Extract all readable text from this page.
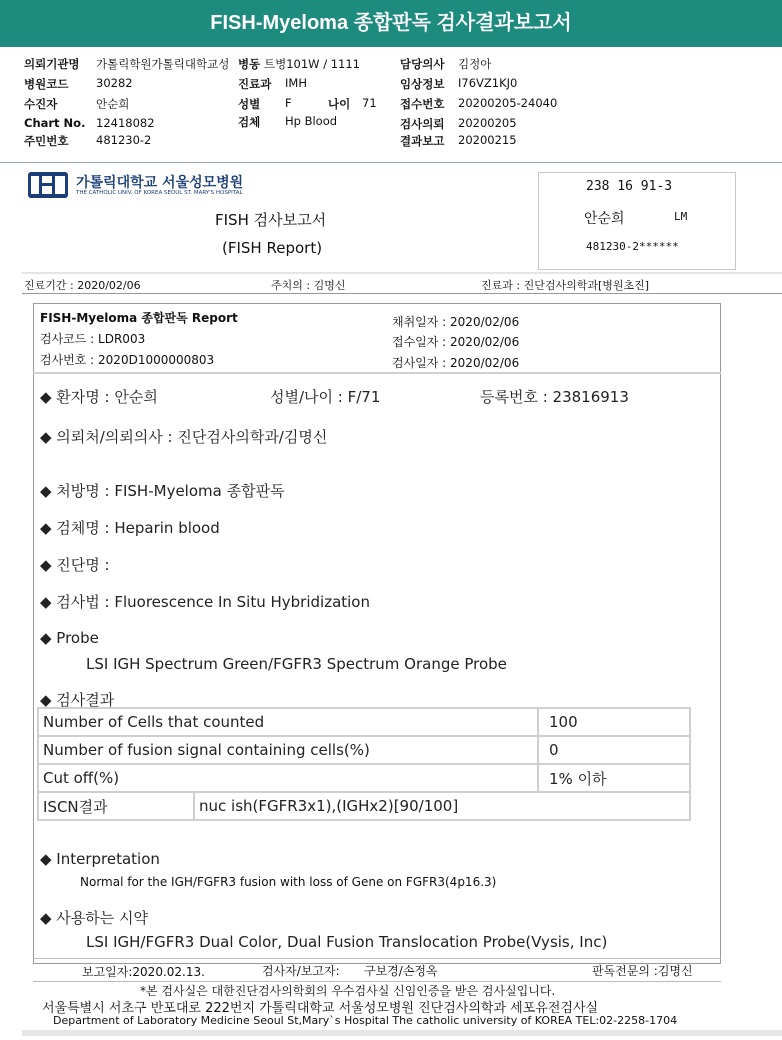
FISH-Myeloma 종합판독 검사결과보고서
의뢰기관명 가톨릭학원가톨릭대학교성 병동 트병101W / 1111	담당의사 김정아
병원코드 30282	진료과 IMH	임상정보 I76VZ1KJ0
수진자	안순희	성별 F	나이 71 접수번호 20200205-24040
Chart No. 12418082	검체 Hp Blood	검사의뢰 20200205
주민번호 481230-2	결과보고 20200215
가톨릭대학교 서울성모병원
THE CATHOLIC UNIV. OF KOREA SEOUL ST. MARY'S HOSPITAL
FISH 검사보고서
(FISH Report)
238 16 91-3
안순희	LM
481230-2******
진료기간 : 2020/02/06	주치의 : 김명신	진료과 : 진단검사의학과[병원초진]
FISH-Myeloma 종합판독 Report
검사코드 : LDR003
검사번호 : 2020D1000000803
채취일자 : 2020/02/06
접수일자 : 2020/02/06
검사일자 : 2020/02/06
◆ 환자명 : 안순희	성별/나이 : F/71	등록번호 : 23816913
◆ 의뢰처/의뢰의사 : 진단검사의학과/김명신
◆ 처방명 : FISH-Myeloma 종합판독
◆ 검체명 : Heparin blood
◆ 진단명 :
◆ 검사법 : Fluorescence In Situ Hybridization
◆ Probe
LSI IGH Spectrum Green/FGFR3 Spectrum Orange Probe
◆ 검사결과
Number of Cells that counted		100
Number of fusion signal containing cells(%)		0
Cut off(%)		1% 이하
ISCN결과	nuc ish(FGFR3x1),(IGHx2)[90/100]	
◆ Interpretation
Normal for the IGH/FGFR3 fusion with loss of Gene on FGFR3(4p16.3)
◆ 사용하는 시약
LSI IGH/FGFR3 Dual Color, Dual Fusion Translocation Probe(Vysis, Inc)
보고일자:2020.02.13.	검사자/보고자: 구보경/손정옥	판독전문의 :김명신
*본 검사실은 대한진단검사의학회의 우수검사실 신임인증을 받은 검사실입니다.
서울특별시 서초구 반포대로 222번지 가톨릭대학교 서울성모병원 진단검사의학과 세포유전검사실
Department of Laboratory Medicine Seoul St,Mary`s Hospital The catholic university of KOREA TEL:02-2258-1704
